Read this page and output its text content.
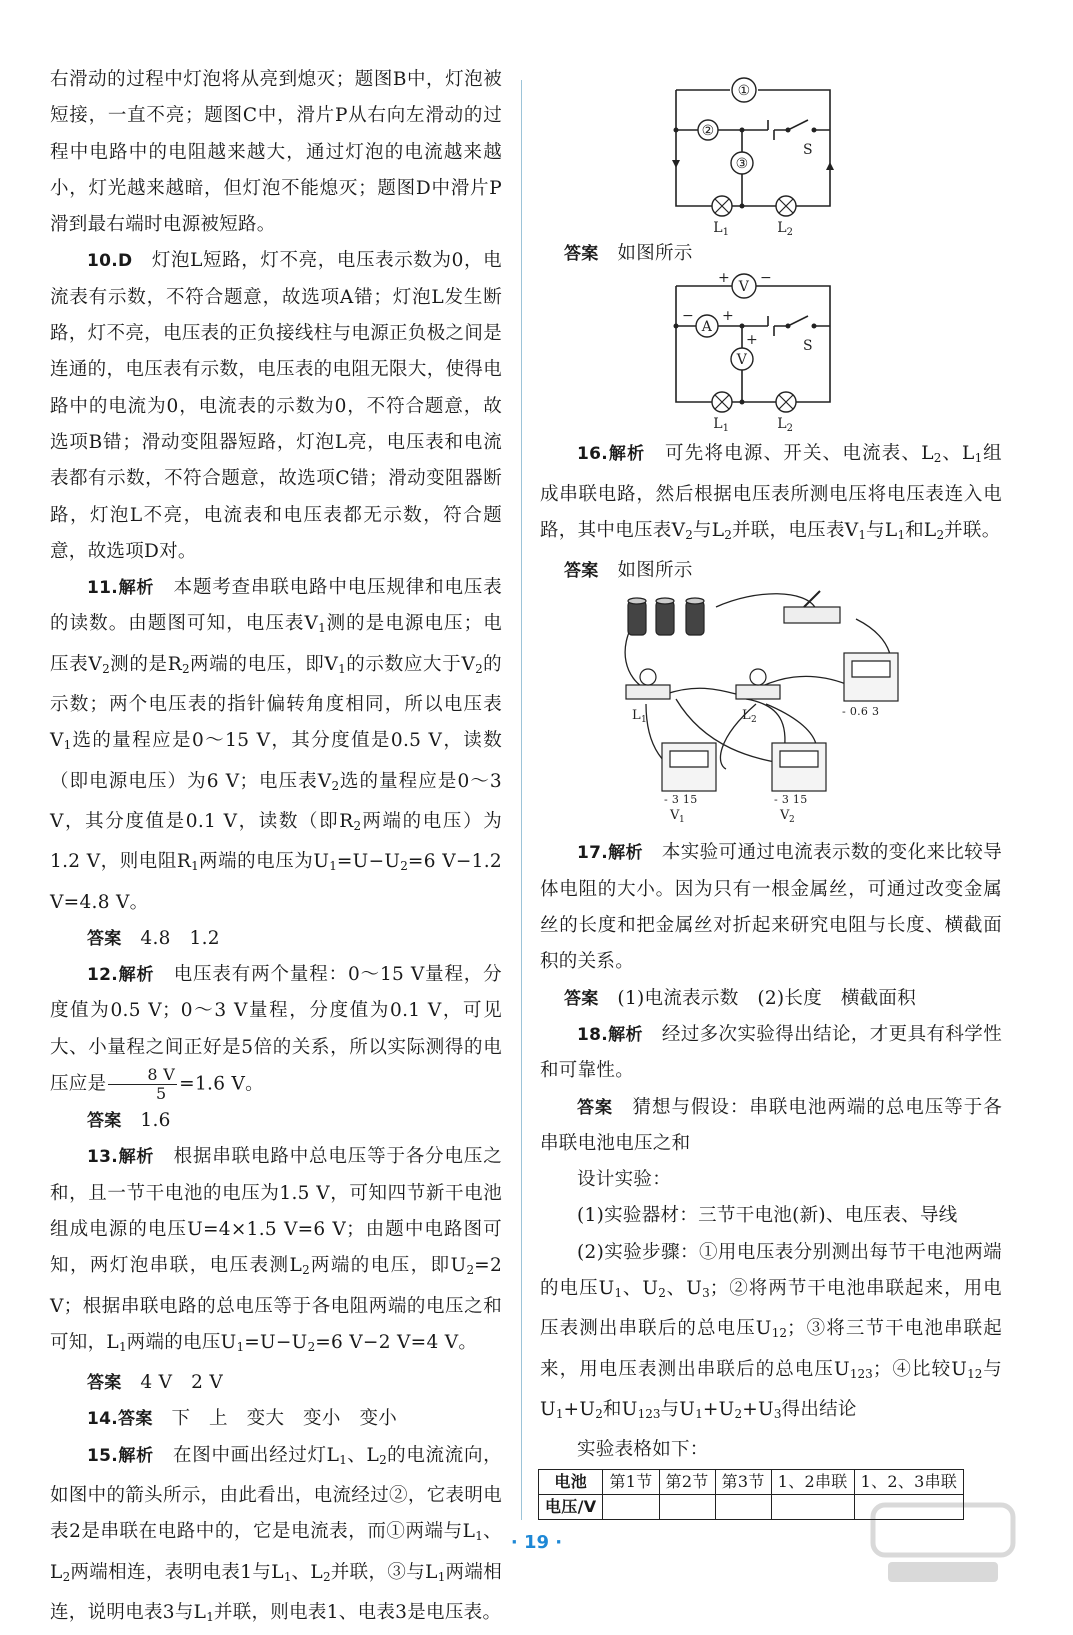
右滑动的过程中灯泡将从亮到熄灭；题图B中，灯泡被短接，一直不亮；题图C中，滑片P从右向左滑动的过程中电路中的电阻越来越大，通过灯泡的电流越来越小，灯光越来越暗，但灯泡不能熄灭；题图D中滑片P滑到最右端时电源被短路。

10.D　 灯泡L短路，灯不亮，电压表示数为0，电流表有示数，不符合题意，故选项A错；灯泡L发生断路，灯不亮，电压表的正负接线柱与电源正负极之间是连通的，电压表有示数，电压表的电阻无限大，使得电路中的电流为0，电流表的示数为0，不符合题意，故选项B错；滑动变阻器短路，灯泡L亮，电压表和电流表都有示数，不符合题意，故选项C错；滑动变阻器断路，灯泡L不亮，电流表和电压表都无示数，符合题意，故选项D对。

11.解析　 本题考查串联电路中电压规律和电压表的读数。由题图可知，电压表$V_1$测的是电源电压；电压表$V_2$测的是$R_2$两端的电压，即$V_1$的示数应大于$V_2$的示数；两个电压表的指针偏转角度相同，所以电压表$V_1$选的量程应是0～15 V，其分度值是0.5 V，读数（即电源电压）为6 V；电压表$V_2$选的量程应是0～3 V，其分度值是0.1 V，读数（即$R_2$两端的电压）为1.2 V，则电阻$R_1$两端的电压为$U_1=U-U_2=6$ V−1.2 V=4.8 V。

答案　 4.8　1.2

12.解析　 电压表有两个量程：0～15 V量程，分度值为0.5 V；0～3 V量程，分度值为0.1 V，可见大、小量程之间正好是5倍的关系，所以实际测得的电压应是 $\frac{8 V}{5} =1.6$ V。

答案　 1.6

13.解析　 根据串联电路中总电压等于各分电压之和，且一节干电池的电压为1.5 V，可知四节新干电池组成电源的电压U=4×1.5 V=6 V；由题中电路图可知，两灯泡串联，电压表测$L_2$两端的电压，即$U_2=2$ V；根据串联电路的总电压等于各电阻两端的电压之和可知，$L_1$两端的电压$U_1=U-U_2=6$ V−2 V=4 V。

答案　 4 V　2 V

14.答案　 下　上　变大　变小　变小

15.解析　 在图中画出经过灯$L_1$、$L_2$的电流流向，如图中的箭头所示，由此看出，电流经过②，它表明电表2是串联在电路中的，它是电流表，而①两端与$L_1$、$L_2$两端相连，表明电表1与$L_1$、$L_2$并联，③与$L_1$两端相连，说明电表3与$L_1$并联，则电表1、电表3是电压表。

①
②
③
S
L 1	L 2

答案　 如图所示

V
A
V
+ −
− +
+	S
L 1	L 2

16.解析　 可先将电源、开关、电流表、$L_2$、$L_1$组成串联电路，然后根据电压表所测电压将电压表连入电路，其中电压表$V_2$与$L_2$并联，电压表$V_1$与$L_1$和$L_2$并联。

答案　 如图所示

L 1	L 2
- 0.6 3
- 3 15	- 3 15
V 1	V 2

17.解析　 本实验可通过电流表示数的变化来比较导体电阻的大小。因为只有一根金属丝，可通过改变金属丝的长度和把金属丝对折起来研究电阻与长度、横截面积的关系。

答案　 (1)电流表示数　(2)长度　横截面积

18.解析　 经过多次实验得出结论，才更具有科学性和可靠性。

答案　 猜想与假设：串联电池两端的总电压等于各串联电池电压之和

设计实验：

(1)实验器材：三节干电池(新)、电压表、导线

(2)实验步骤：①用电压表分别测出每节干电池两端的电压$U_1$、$U_2$、$U_3$；②将两节干电池串联起来，用电压表测出串联后的总电压$U_{12}$；③将三节干电池串联起来，用电压表测出串联后的总电压$U_{123}$；④比较$U_{12}$与$U_1+U_2$和$U_{123}$与$U_1+U_2+U_3$得出结论

实验表格如下：

电池	第1节	第2节	第3节	1、2串联	1、2、3串联
电压/V					
· 19 ·
